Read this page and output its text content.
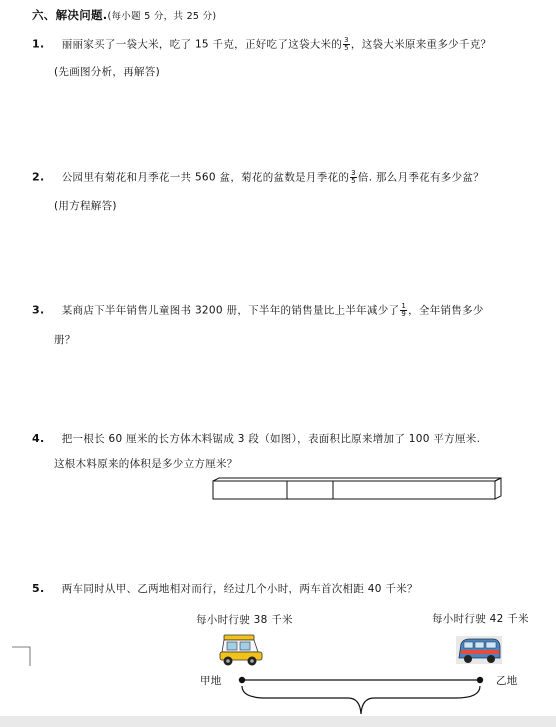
六、解决问题.(每小题 5 分，共 25 分)
1. 丽丽家买了一袋大米，吃了 15 千克，正好吃了这袋大米的 $\frac{3}{5}$ ，这袋大米原来重多少千克？
(先画图分析，再解答)
2. 公园里有菊花和月季花一共 560 盆，菊花的盆数是月季花的 $\frac{3}{5}$ 倍. 那么月季花有多少盆？
(用方程解答)
3. 某商店下半年销售儿童图书 3200 册，下半年的销售量比上半年减少了 $\frac{1}{9}$ ，全年销售多少
册？
4. 把一根长 60 厘米的长方体木料锯成 3 段（如图），表面积比原来增加了 100 平方厘米.
这根木料原来的体积是多少立方厘米？
5. 两车同时从甲、乙两地相对而行，经过几个小时，两车首次相距 40 千米？
每小时行驶 38 千米	每小时行驶 42 千米
甲地	乙地
